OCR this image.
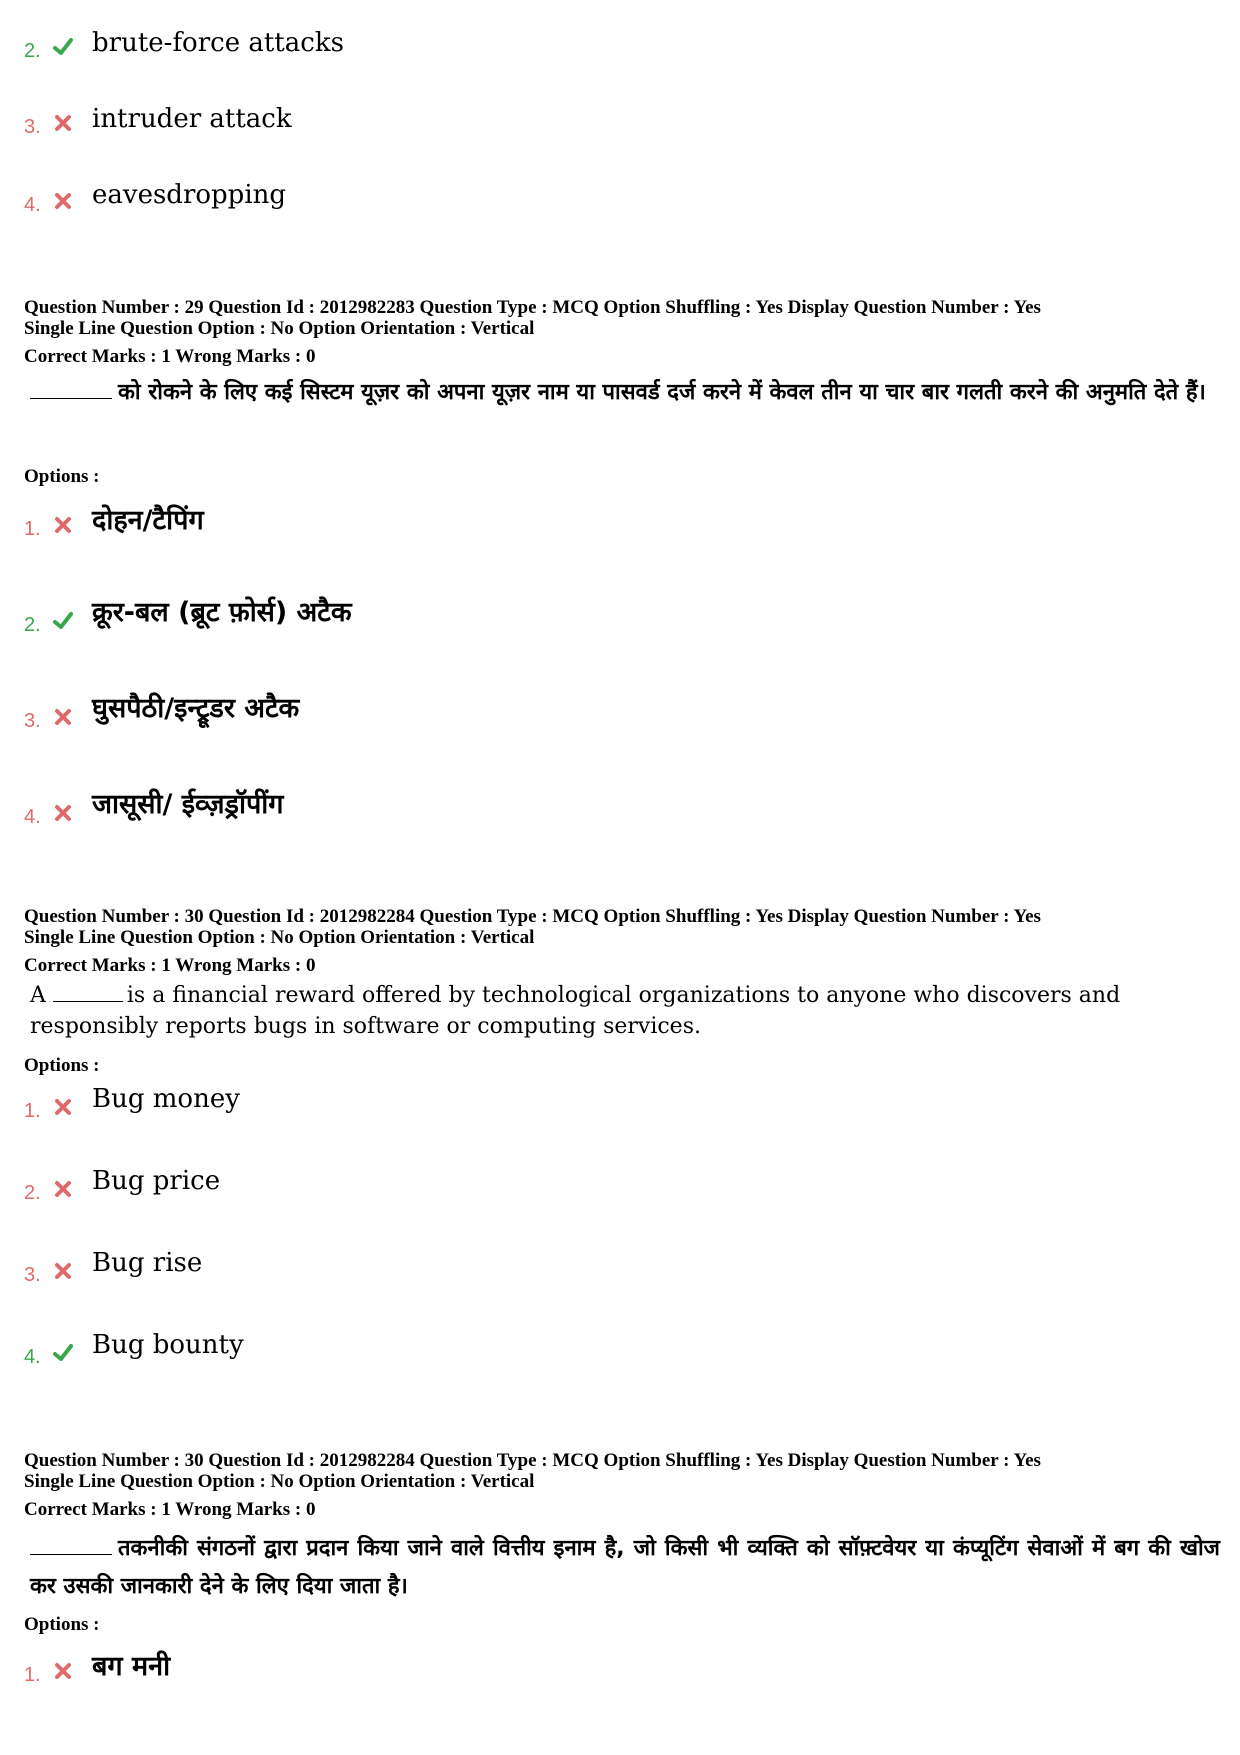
2. brute-force attacks
3. intruder attack
4. eavesdropping
Question Number : 29 Question Id : 2012982283 Question Type : MCQ Option Shuffling : Yes Display Question Number : Yes
Single Line Question Option : No Option Orientation : Vertical
Correct Marks : 1 Wrong Marks : 0
को रोकने के लिए कई सिस्टम यूज़र को अपना यूज़र नाम या पासवर्ड दर्ज करने में केवल तीन या चार बार गलती करने की अनुमति देते हैं।
Options :
1. दोहन/टैपिंग
2. क्रूर-बल (ब्रूट फ़ोर्स) अटैक
3. घुसपैठी/इन्ट्रूडर अटैक
4. जासूसी/ ईव्ज़ड्रॉपींग
Question Number : 30 Question Id : 2012982284 Question Type : MCQ Option Shuffling : Yes Display Question Number : Yes
Single Line Question Option : No Option Orientation : Vertical
Correct Marks : 1 Wrong Marks : 0
A	is a financial reward offered by technological organizations to anyone who discovers and responsibly reports bugs in software or computing services.
Options :
1. Bug money
2. Bug price
3. Bug rise
4. Bug bounty
Question Number : 30 Question Id : 2012982284 Question Type : MCQ Option Shuffling : Yes Display Question Number : Yes
Single Line Question Option : No Option Orientation : Vertical
Correct Marks : 1 Wrong Marks : 0
तकनीकी संगठनों द्वारा प्रदान किया जाने वाले वित्तीय इनाम है, जो किसी भी व्यक्ति को सॉफ़्टवेयर या कंप्यूटिंग सेवाओं में बग की खोज कर उसकी जानकारी देने के लिए दिया जाता है।
Options :
1. बग मनी
